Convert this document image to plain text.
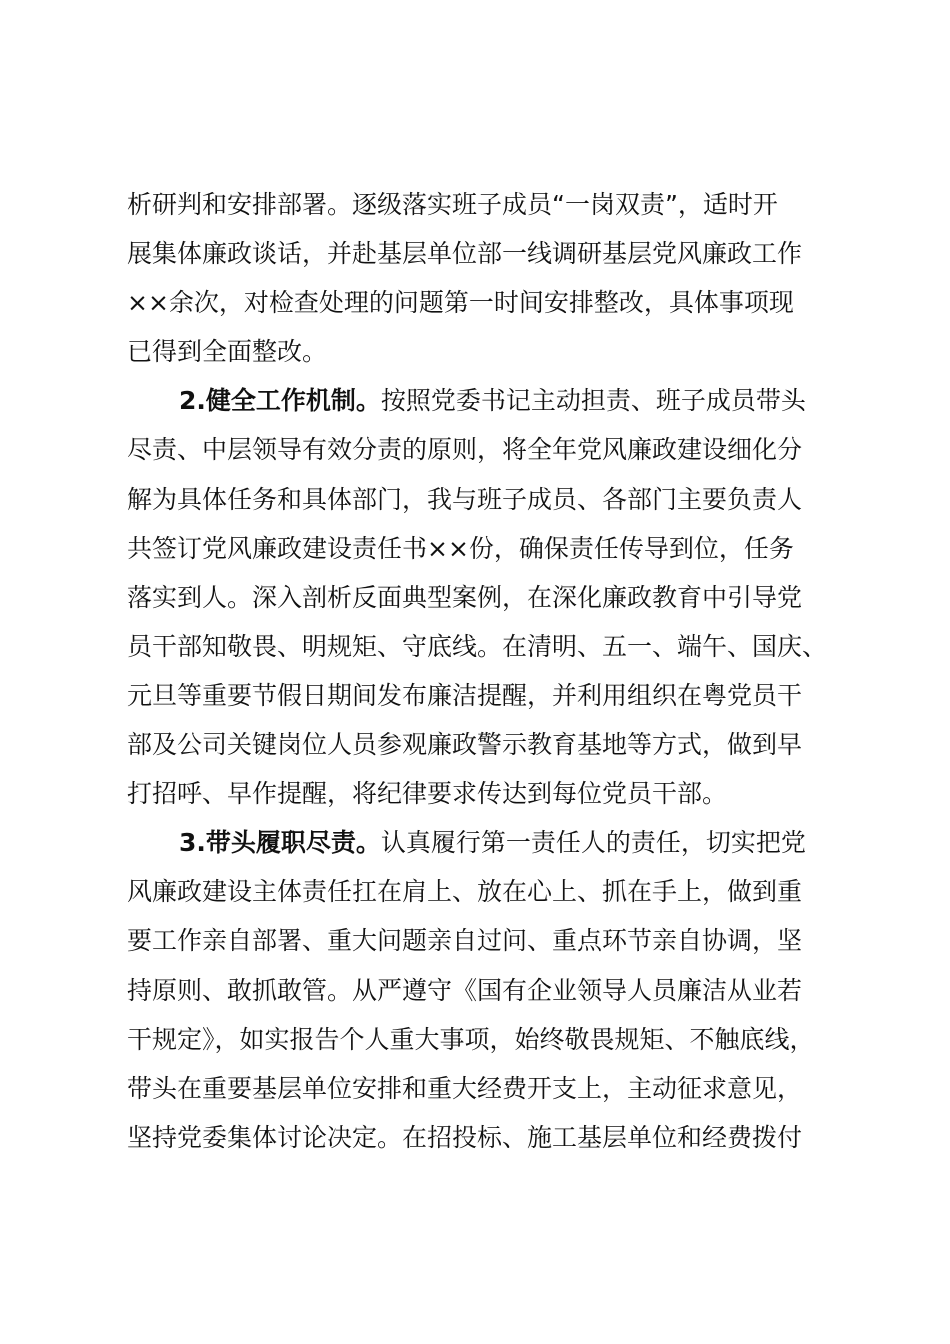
析研判和安排部署。逐级落实班子成员“一岗双责”，适时开
展集体廉政谈话，并赴基层单位部一线调研基层党风廉政工作
××余次，对检查处理的问题第一时间安排整改，具体事项现
已得到全面整改。
2.健全工作机制。按照党委书记主动担责、班子成员带头
尽责、中层领导有效分责的原则，将全年党风廉政建设细化分
解为具体任务和具体部门，我与班子成员、各部门主要负责人
共签订党风廉政建设责任书××份，确保责任传导到位，任务
落实到人。深入剖析反面典型案例，在深化廉政教育中引导党
员干部知敬畏、明规矩、守底线。在清明、五一、端午、国庆、
元旦等重要节假日期间发布廉洁提醒，并利用组织在粤党员干
部及公司关键岗位人员参观廉政警示教育基地等方式，做到早
打招呼、早作提醒，将纪律要求传达到每位党员干部。
3.带头履职尽责。认真履行第一责任人的责任，切实把党
风廉政建设主体责任扛在肩上、放在心上、抓在手上，做到重
要工作亲自部署、重大问题亲自过问、重点环节亲自协调，坚
持原则、敢抓敢管。从严遵守《国有企业领导人员廉洁从业若
干规定》，如实报告个人重大事项，始终敬畏规矩、不触底线，
带头在重要基层单位安排和重大经费开支上，主动征求意见，
坚持党委集体讨论决定。在招投标、施工基层单位和经费拨付
